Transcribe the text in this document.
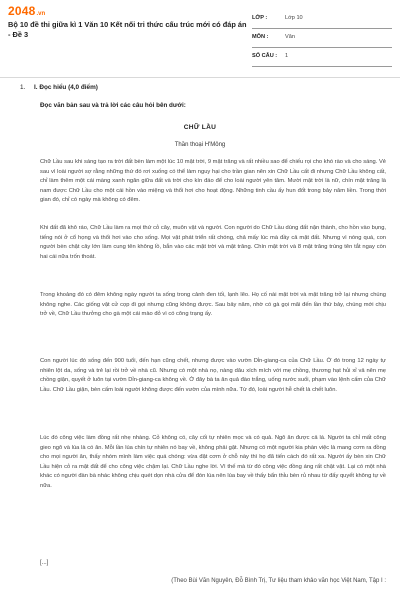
2048 .vn
Bộ 10 đề thi giữa kì 1 Văn 10 Kết nối tri thức cấu trúc mới có đáp án - Đề 3
LỚP :	Lớp 10
MÔN :	Văn
SỐ CÂU : 1
1. I. Đọc hiểu (4,0 điểm)
Đọc văn bản sau và trả lời các câu hỏi bên dưới:
CHỮ LẦU
Thần thoại H'Mông

Chữ Lầu sau khi sáng tạo ra trời đất bèn làm một lúc 10 mặt trời, 9 mặt trăng và rất nhiều sao để chiếu rọi cho khó rào và cho sáng. Vẻ sau vì loài người sợ rằng những thứ đó rơi xuống có thể làm nguy hại cho trần gian nên xin Chữ Lầu cất đi nhưng Chữ Lầu không cất, chỉ làm thêm một cái màng xanh ngăn giữa đất và trời cho kín đáo để cho loài người yên tâm. Mười mặt trời là nữ, chín mặt trăng là nam được Chữ Lầu cho một cái hồn vào miệng và thổi hơi cho hoạt động. Những tinh cầu ấy hun đốt trong bảy năm liền. Trong thời gian đó, chỉ có ngày mà không có đêm.

Khi đất đã khô ráo, Chữ Lầu làm ra mọi thứ cỏ cây, muôn vật và người. Con người do Chữ Lầu dùng đất nặn thành, cho hồn vào bụng, tiếng nói ở cổ họng và thổi hơi vào cho sống. Mọi vật phát triển rất chóng, chả mấy lúc mà đầy cả mặt đất. Nhưng vì nóng quá, con người bèn chặt cây lớn làm cung tên không lồ, bắn vào các mặt trời và mặt trăng. Chín mặt trời và 8 mặt trăng trúng tên tắt ngay còn hai cái nữa trốn thoát.

Trong khoảng đó có đêm không ngày người ta sống trong cảnh đen tối, lạnh lẽo. Họ cố nài mặt trời và mặt trăng trở lại nhưng chúng không nghe. Các giống vật cử cọp đi gọi nhưng cũng không được. Sau bảy năm, nhờ có gà gọi mãi đến lần thứ bảy, chúng mới chịu trở về, Chữ Lầu thưởng cho gà một cái mào đỏ vì có công trạng ấy.

Con người lúc đó sống đến 900 tuổi, đến hạn cũng chết, nhưng được vào vườn Dỉn-giang-ca của Chữ Lầu. Ở đó trong 12 ngày tự nhiên lột da, sống và trẻ lại rồi trở về nhà cũ. Nhưng có một nhà nọ, nàng dâu xích mích với mẹ chồng, thương hạt hủi xỉ vả nên mẹ chồng giận, quyết ở luôn tại vườn Dỉn-giang-ca không về. Ở đây bà ta ăn quả đào trắng, uống nước suối, phạm vào lệnh cấm của Chữ Lầu. Chữ Lầu giận, bèn cấm loài người không được đến vườn của mình nữa. Từ đó, loài người hễ chết là chết luôn.

Lúc đó công việc làm đồng rất nhẹ nhàng. Cỏ không có, cây cối tự nhiên mọc và có quả. Ngô ăn được cả lá. Người ta chỉ mất công gieo ngô và lúa là có ăn. Mỗi lần lúa chín tự nhiên nó bay về, không phải gặt. Nhưng có một người kia phàn việc là mang cơm ra đồng cho mọi người ăn, thấy nhóm mình làm việc quá chóng: vừa đặt cơm ở chỗ này thì họ đã tiến cách đó rất xa. Người ấy bèn xin Chữ Lầu hiện cỏ ra mặt đất để cho công việc chậm lại. Chữ Lầu nghe lời. Vì thế mà từ đó công việc đồng áng rất chật vật. Lại có một nhà khác có người đàn bà nhác không chịu quét dọn nhà cửa để đón lúa nên lúa bay về thấy bẩn thỉu bèn rủ nhau từ đấy quyết không tự về nữa.

[...]
(Theo Bùi Văn Nguyên, Đỗ Bình Trị, Tư liệu tham khảo văn học Việt Nam, Tập I :
